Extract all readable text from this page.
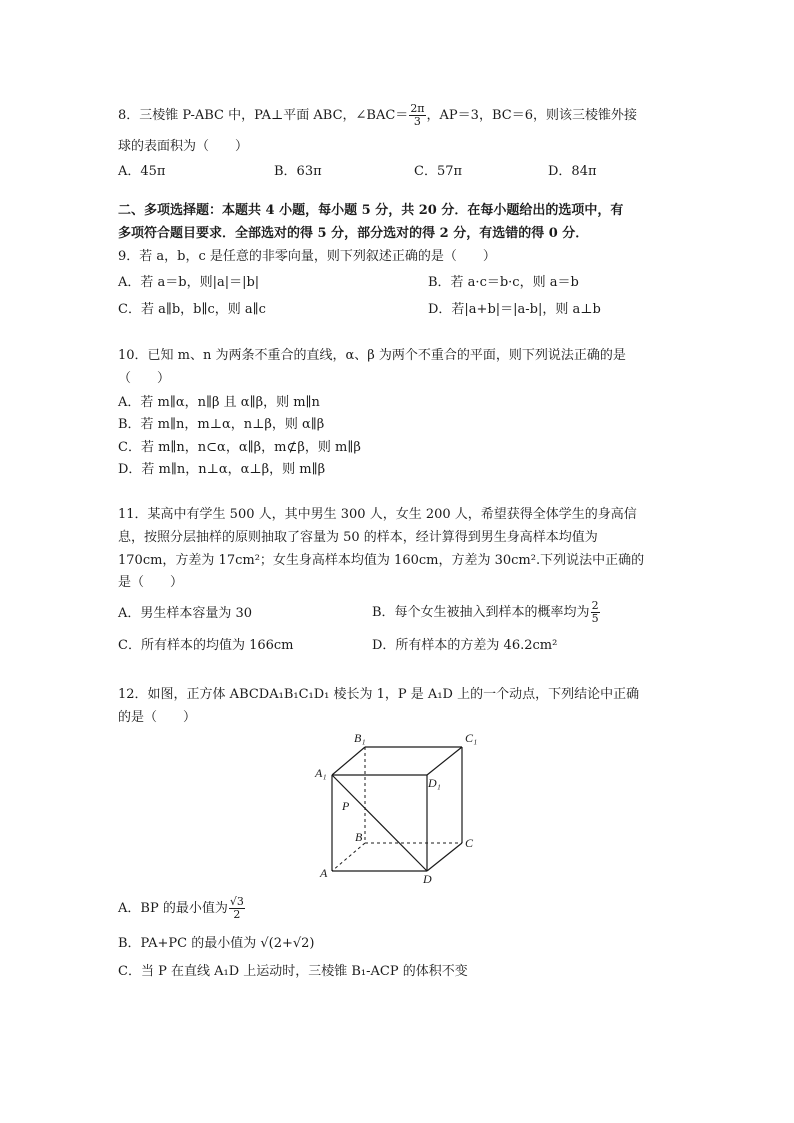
8．三棱锥 P-ABC 中，PA⊥平面 ABC，∠BAC＝ $\frac{2\pi}{3}$ ，AP＝3，BC＝6，则该三棱锥外接
球的表面积为（　　）
A．45π	B．63π	C．57π	D．84π
二、多项选择题：本题共 4 小题，每小题 5 分，共 20 分．在每小题给出的选项中，有
多项符合题目要求．全部选对的得 5 分，部分选对的得 2 分，有选错的得 0 分．
9．若 a，b，c 是任意的非零向量，则下列叙述正确的是（　　）
A．若 a＝b，则|a|＝|b|	B．若 a·c＝b·c，则 a＝b
C．若 a∥b，b∥c，则 a∥c	D．若|a+b|＝|a-b|，则 a⊥b
10．已知 m、n 为两条不重合的直线，α、β 为两个不重合的平面，则下列说法正确的是
（　　）
A．若 m∥α，n∥β 且 α∥β，则 m∥n
B．若 m∥n，m⊥α，n⊥β，则 α∥β
C．若 m∥n，n⊂α，α∥β，m⊄β，则 m∥β
D．若 m∥n，n⊥α，α⊥β，则 m∥β
11．某高中有学生 500 人，其中男生 300 人，女生 200 人，希望获得全体学生的身高信
息，按照分层抽样的原则抽取了容量为 50 的样本，经计算得到男生身高样本均值为
170cm，方差为 17cm²；女生身高样本均值为 160cm，方差为 30cm².下列说法中正确的
是（　　）
A．男生样本容量为 30	B．每个女生被抽入到样本的概率均为 $\frac{2}{5}$
C．所有样本的均值为 166cm	D．所有样本的方差为 46.2cm²
12．如图，正方体 ABCDA₁B₁C₁D₁ 棱长为 1，P 是 A₁D 上的一个动点，下列结论中正确
的是（　　）
B₁	C₁
A₁
D₁
P
B	C
A	D
A．BP 的最小值为 $\frac{√3}{2}$
B．PA+PC 的最小值为 √(2+√2)
C．当 P 在直线 A₁D 上运动时，三棱锥 B₁-ACP 的体积不变
